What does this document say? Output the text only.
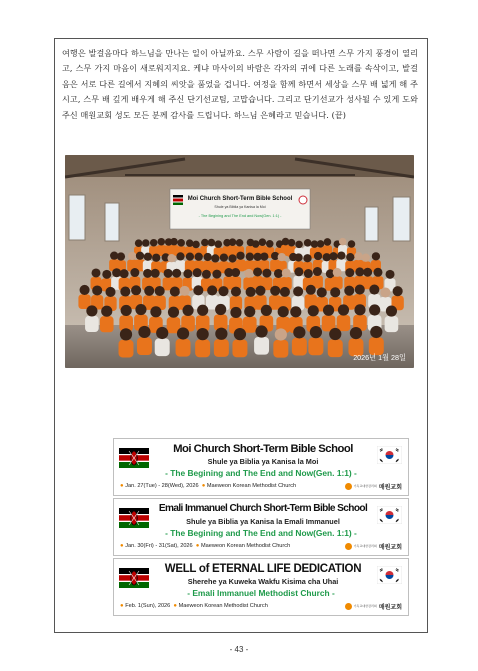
여행은 발걸음마다 하느님을 만나는 일이 아닐까요. 스무 사람이 길을 떠나면 스무 가지 풍경이 열리고, 스무 가지 마음이 새로워지지요. 케냐 마사이의 바람은 각자의 귀에 다른 노래를 속삭이고, 발걸음은 서로 다른 길에서 지혜의 씨앗을 품었을 겁니다. 여정을 함께 하면서 세상을 스무 배 넓게 해 주시고, 스무 배 깊게 배우게 해 주신 단기선교팀, 고맙습니다. 그리고 단기선교가 성사될 수 있게 도와주신 매원교회 성도 모든 분께 감사를 드립니다. 하느님 은혜라고 믿습니다. (끝)
Moi Church Short-Term Bible School
Shule ya Biblia ya Kanisa la Moi
- The Begining and The End and Now(Gen. 1:1) -
2026년 1월 28일
Moi Church Short-Term Bible School
Shule ya Biblia ya Kanisa la Moi
- The Begining and The End and Now(Gen. 1:1) -
● Jan. 27(Tue) - 28(Wed), 2026 ● Maeweon Korean Methodist Church	기독교대한감리회 매원교회
Emali Immanuel Church Short-Term Bible School
Shule ya Biblia ya Kanisa la Emali Immanuel
- The Begining and The End and Now(Gen. 1:1) -
● Jan. 30(Fri) - 31(Sat), 2026 ● Maeweon Korean Methodist Church	기독교대한감리회 매원교회
WELL of ETERNAL LIFE DEDICATION
Sherehe ya Kuweka Wakfu Kisima cha Uhai
- Emali Immanuel Methodist Church -
● Feb. 1(Sun), 2026 ● Maeweon Korean Methodist Church	기독교대한감리회 매원교회
- 43 -
